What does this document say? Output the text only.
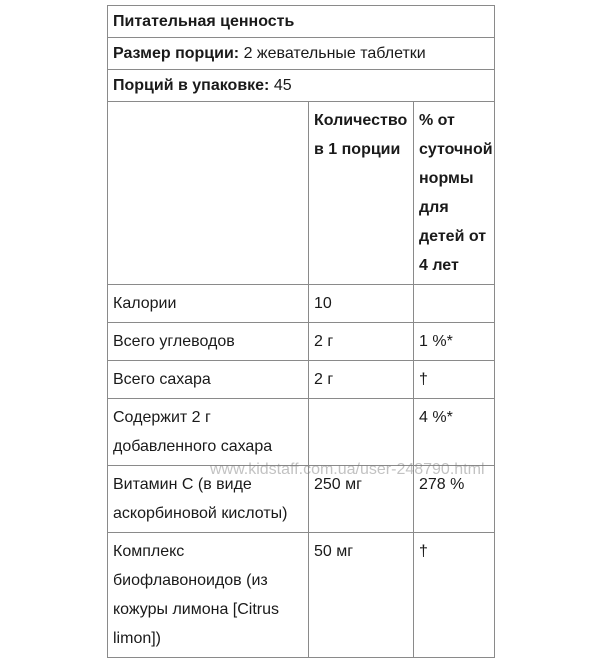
Питательная ценность		
Размер порции: 2 жевательные таблетки		
Порций в упаковке: 45		
	Количество в 1 порции	% от суточной нормы для детей от 4 лет
Калории	10	
Всего углеводов	2 г	1 %*
Всего сахара	2 г	†
Содержит 2 г добавленного сахара		4 %*
Витамин С (в виде аскорбиновой кислоты)	250 мг	278 %
Комплекс биофлавоноидов (из кожуры лимона [Citrus limon])	50 мг	†
www.kidstaff.com.ua/user-248790.html
